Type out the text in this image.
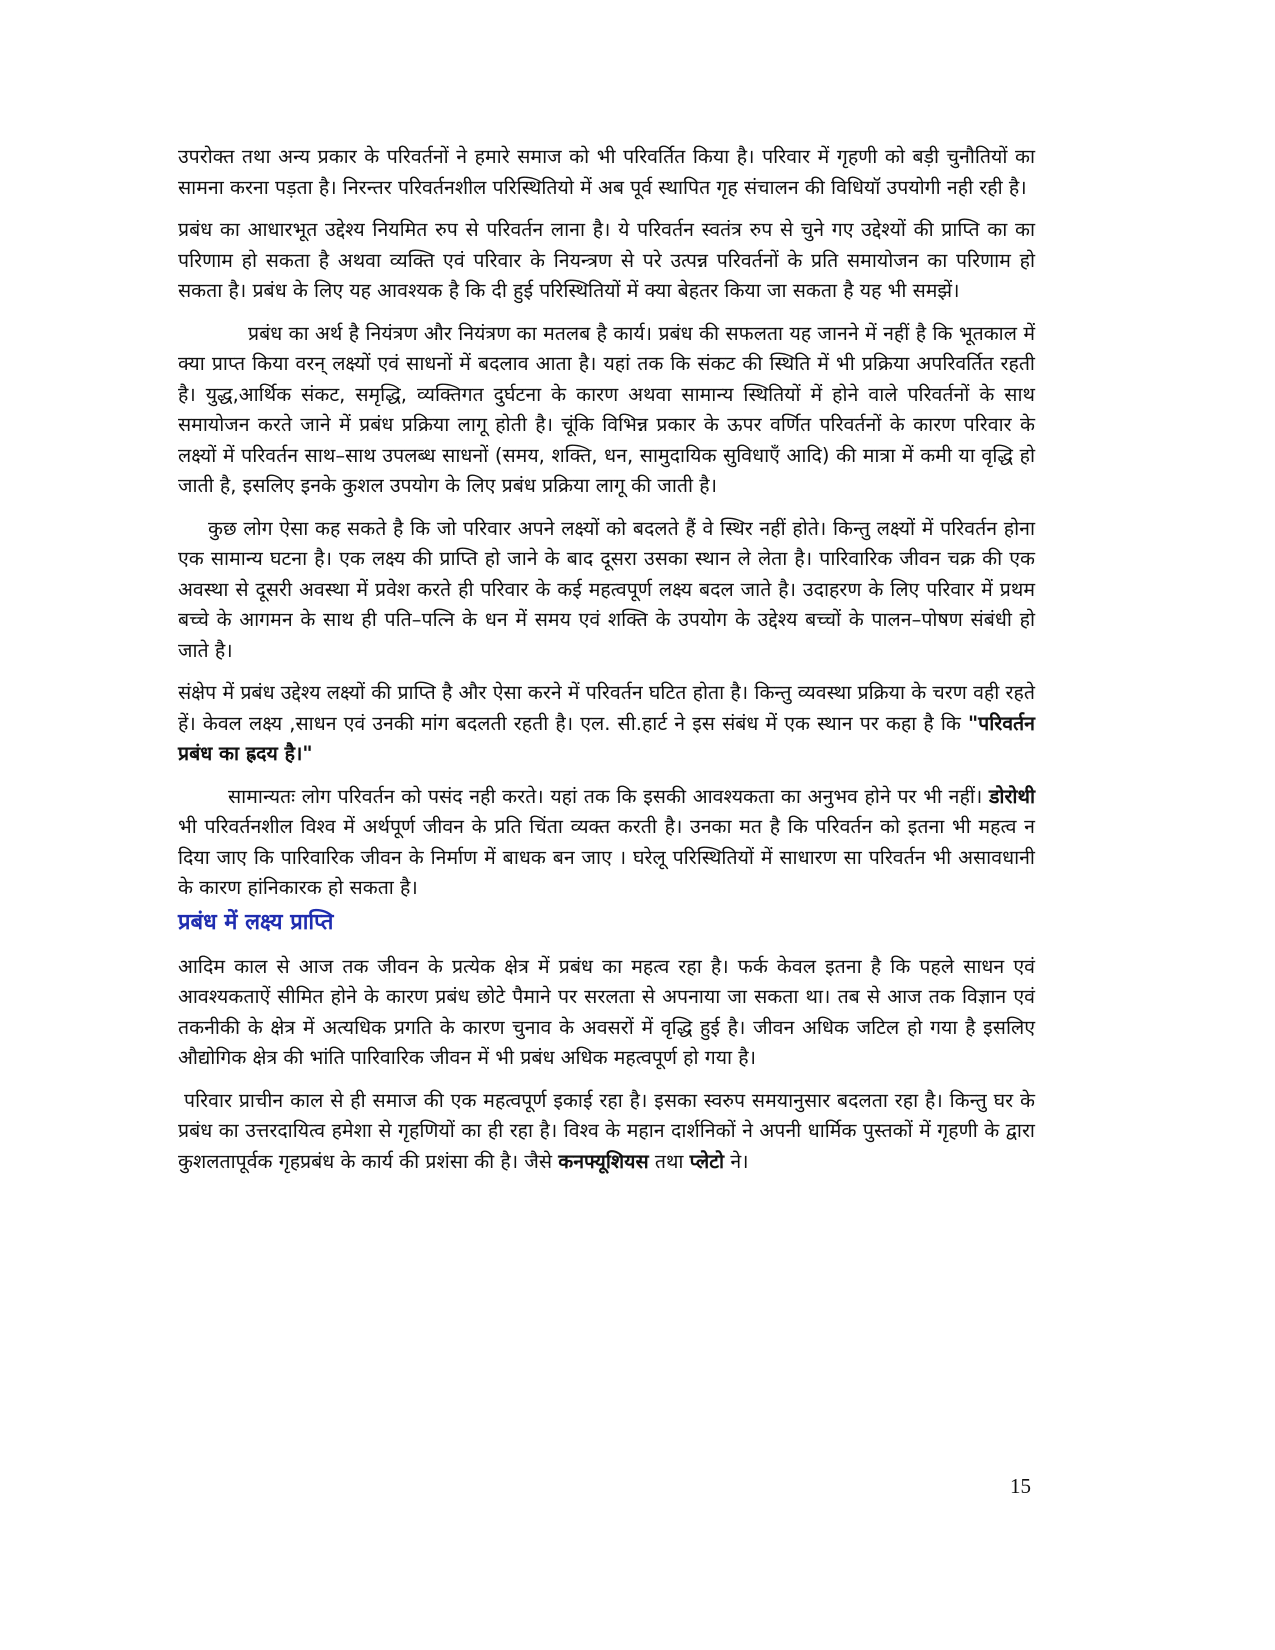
उपरोक्त तथा अन्य प्रकार के परिवर्तनों ने हमारे समाज को भी परिवर्तित किया है। परिवार में गृहणी को बड़ी चुनौतियों का सामना करना पड़ता है। निरन्तर परिवर्तनशील परिस्थितियो में अब पूर्व स्थापित गृह संचालन की विधियॉ उपयोगी नही रही है।

प्रबंध का आधारभूत उद्देश्य नियमित रुप से परिवर्तन लाना है। ये परिवर्तन स्वतंत्र रुप से चुने गए उद्देश्यों की प्राप्ति का का परिणाम हो सकता है अथवा व्यक्ति एवं परिवार के नियन्त्रण से परे उत्पन्न परिवर्तनों के प्रति समायोजन का परिणाम हो सकता है। प्रबंध के लिए यह आवश्यक है कि दी हुई परिस्थितियों में क्या बेहतर किया जा सकता है यह भी समझें।

प्रबंध का अर्थ है नियंत्रण और नियंत्रण का मतलब है कार्य। प्रबंध की सफलता यह जानने में नहीं है कि भूतकाल में क्या प्राप्त किया वरन् लक्ष्यों एवं साधनों में बदलाव आता है। यहां तक कि संकट की स्थिति में भी प्रक्रिया अपरिवर्तित रहती है। युद्ध,आर्थिक संकट, समृद्धि, व्यक्तिगत दुर्घटना के कारण अथवा सामान्य स्थितियों में होने वाले परिवर्तनों के साथ समायोजन करते जाने में प्रबंध प्रक्रिया लागू होती है। चूंकि विभिन्न प्रकार के ऊपर वर्णित परिवर्तनों के कारण परिवार के लक्ष्यों में परिवर्तन साथ–साथ उपलब्ध साधनों (समय, शक्ति, धन, सामुदायिक सुविधाएँ आदि) की मात्रा में कमी या वृद्धि हो जाती है, इसलिए इनके कुशल उपयोग के लिए प्रबंध प्रक्रिया लागू की जाती है।

कुछ लोग ऐसा कह सकते है कि जो परिवार अपने लक्ष्यों को बदलते हैं वे स्थिर नहीं होते। किन्तु लक्ष्यों में परिवर्तन होना एक सामान्य घटना है। एक लक्ष्य की प्राप्ति हो जाने के बाद दूसरा उसका स्थान ले लेता है। पारिवारिक जीवन चक्र की एक अवस्था से दूसरी अवस्था में प्रवेश करते ही परिवार के कई महत्वपूर्ण लक्ष्य बदल जाते है। उदाहरण के लिए परिवार में प्रथम बच्चे के आगमन के साथ ही पति–पत्नि के धन में समय एवं शक्ति के उपयोग के उद्देश्य बच्चों के पालन–पोषण संबंधी हो जाते है।

संक्षेप में प्रबंध उद्देश्य लक्ष्यों की प्राप्ति है और ऐसा करने में परिवर्तन घटित होता है। किन्तु व्यवस्था प्रक्रिया के चरण वही रहते हें। केवल लक्ष्य ,साधन एवं उनकी मांग बदलती रहती है। एल. सी.हार्ट ने इस संबंध में एक स्थान पर कहा है कि "परिवर्तन प्रबंध का ह्रदय है।"

सामान्यतः लोग परिवर्तन को पसंद नही करते। यहां तक कि इसकी आवश्यकता का अनुभव होने पर भी नहीं। डोरोथी भी परिवर्तनशील विश्व में अर्थपूर्ण जीवन के प्रति चिंता व्यक्त करती है। उनका मत है कि परिवर्तन को इतना भी महत्व न दिया जाए कि पारिवारिक जीवन के निर्माण में बाधक बन जाए । घरेलू परिस्थितियों में साधारण सा परिवर्तन भी असावधानी के कारण हांनिकारक हो सकता है।

प्रबंध में लक्ष्य प्राप्ति

आदिम काल से आज तक जीवन के प्रत्येक क्षेत्र में प्रबंध का महत्व रहा है। फर्क केवल इतना है कि पहले साधन एवं आवश्यकताऐं सीमित होने के कारण प्रबंध छोटे पैमाने पर सरलता से अपनाया जा सकता था। तब से आज तक विज्ञान एवं तकनीकी के क्षेत्र में अत्यधिक प्रगति के कारण चुनाव के अवसरों में वृद्धि हुई है। जीवन अधिक जटिल हो गया है इसलिए औद्योगिक क्षेत्र की भांति पारिवारिक जीवन में भी प्रबंध अधिक महत्वपूर्ण हो गया है।

परिवार प्राचीन काल से ही समाज की एक महत्वपूर्ण इकाई रहा है। इसका स्वरुप समयानुसार बदलता रहा है। किन्तु घर के प्रबंध का उत्तरदायित्व हमेशा से गृहणियों का ही रहा है। विश्व के महान दार्शनिकों ने अपनी धार्मिक पुस्तकों में गृहणी के द्वारा कुशलतापूर्वक गृहप्रबंध के कार्य की प्रशंसा की है। जैसे कनफ्यूशियस तथा प्लेटो ने।

15
